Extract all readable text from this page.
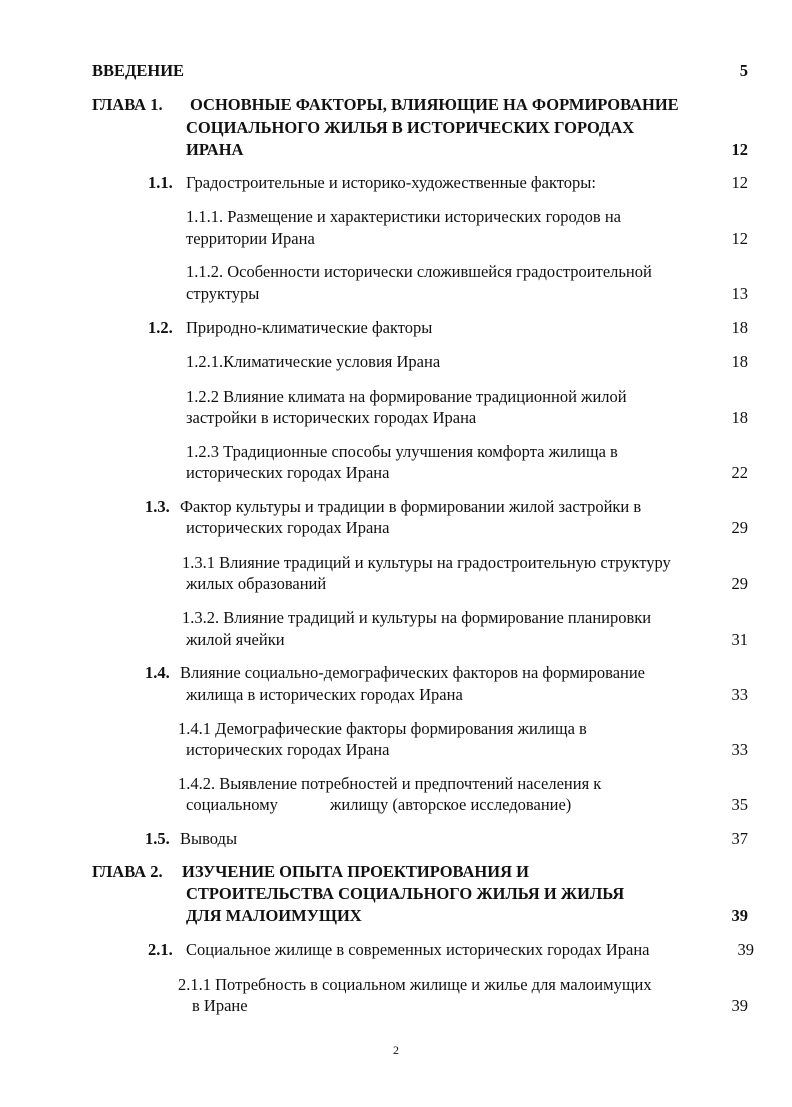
ВВЕДЕНИЕ	5
ГЛАВА 1. ОСНОВНЫЕ ФАКТОРЫ, ВЛИЯЮЩИЕ НА ФОРМИРОВАНИЕ
СОЦИАЛЬНОГО ЖИЛЬЯ В ИСТОРИЧЕСКИХ ГОРОДАХ
ИРАНА	12
1.1. Градостроительные и историко-художественные факторы:	12
1.1.1. Размещение и характеристики исторических городов на
территории Ирана	12
1.1.2. Особенности исторически сложившейся градостроительной
структуры	13
1.2. Природно-климатические факторы	18
1.2.1.Климатические условия Ирана	18
1.2.2 Влияние климата на формирование традиционной жилой
застройки в исторических городах Ирана	18
1.2.3 Традиционные способы улучшения комфорта жилища в
исторических городах Ирана	22
1.3. Фактор культуры и традиции в формировании жилой застройки в
исторических городах Ирана	29
1.3.1 Влияние традиций и культуры на градостроительную структуру
жилых образований	29
1.3.2. Влияние традиций и культуры на формирование планировки
жилой ячейки	31
1.4. Влияние социально-демографических факторов на формирование
жилища в исторических городах Ирана	33
1.4.1 Демографические факторы формирования жилища в
исторических городах Ирана	33
1.4.2. Выявление потребностей и предпочтений населения к
социальному	жилищу (авторское исследование)	35
1.5. Выводы	37
ГЛАВА 2. ИЗУЧЕНИЕ ОПЫТА ПРОЕКТИРОВАНИЯ И
СТРОИТЕЛЬСТВА СОЦИАЛЬНОГО ЖИЛЬЯ И ЖИЛЬЯ
ДЛЯ МАЛОИМУЩИХ	39
2.1. Социальное жилище в современных исторических городах Ирана	39
2.1.1 Потребность в социальном жилище и жилье для малоимущих
в Иране	39
2
